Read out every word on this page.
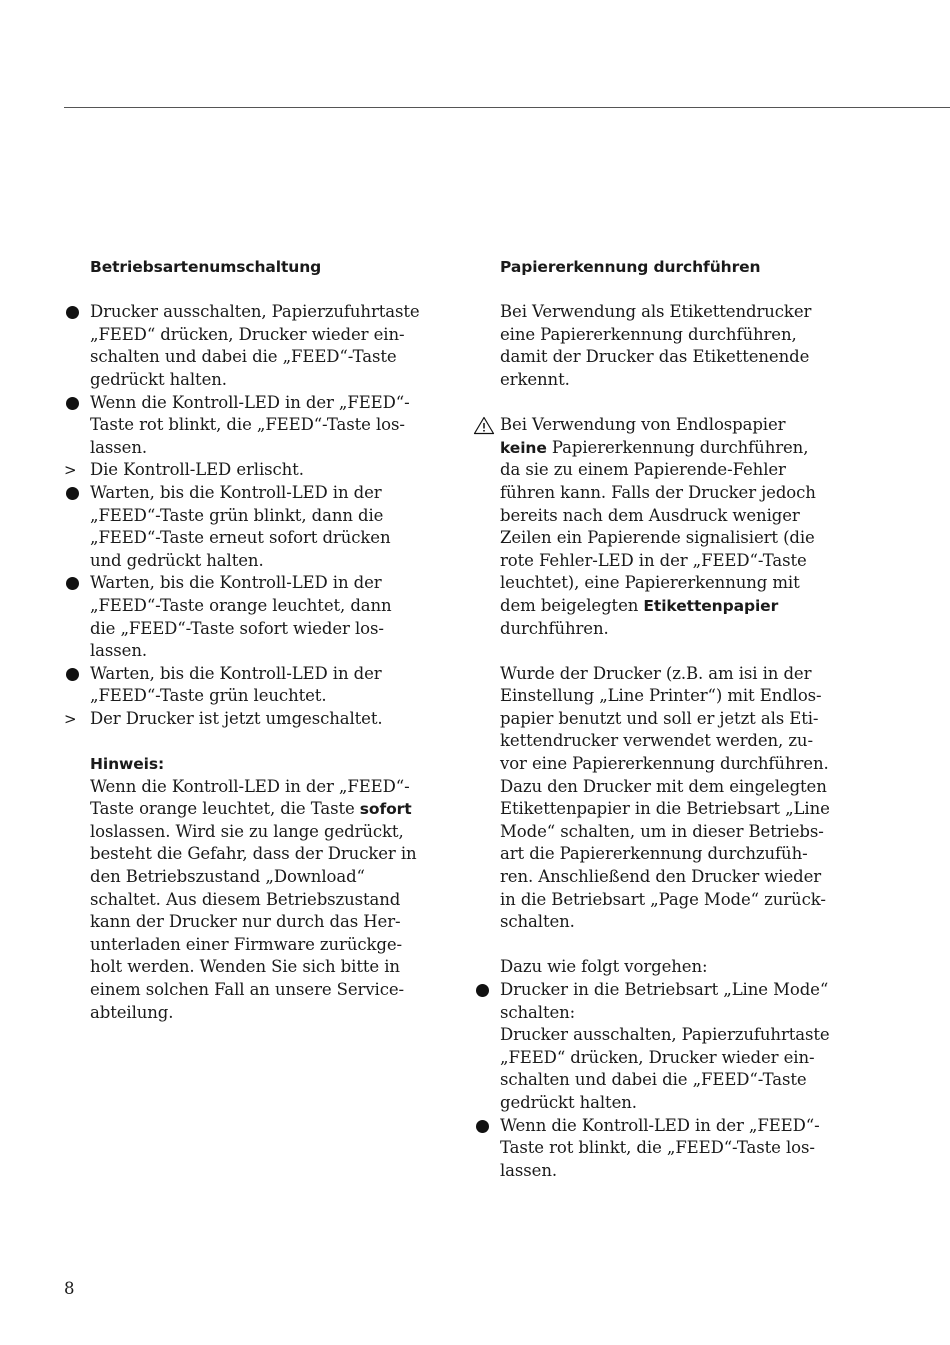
Betriebsartenumschaltung

Drucker ausschalten, Papierzufuhrtaste
„FEED“ drücken, Drucker wieder ein-
schalten und dabei die „FEED“-Taste
gedrückt halten.
Wenn die Kontroll-LED in der „FEED“-
Taste rot blinkt, die „FEED“-Taste los-
lassen.
> Die Kontroll-LED erlischt.
Warten, bis die Kontroll-LED in der
„FEED“-Taste grün blinkt, dann die
„FEED“-Taste erneut sofort drücken
und gedrückt halten.
Warten, bis die Kontroll-LED in der
„FEED“-Taste orange leuchtet, dann
die „FEED“-Taste sofort wieder los-
lassen.
Warten, bis die Kontroll-LED in der
„FEED“-Taste grün leuchtet.
> Der Drucker ist jetzt umgeschaltet.

Hinweis:

Wenn die Kontroll-LED in der „FEED“-
Taste orange leuchtet, die Taste sofort
loslassen. Wird sie zu lange gedrückt,
besteht die Gefahr, dass der Drucker in
den Betriebszustand „Download“
schaltet. Aus diesem Betriebszustand
kann der Drucker nur durch das Her-
unterladen einer Firmware zurückge-
holt werden. Wenden Sie sich bitte in
einem solchen Fall an unsere Service-
abteilung.

Papiererkennung durchführen

Bei Verwendung als Etikettendrucker
eine Papiererkennung durchführen,
damit der Drucker das Etikettenende
erkennt.
Bei Verwendung von Endlospapier
keine Papiererkennung durchführen,
da sie zu einem Papierende-Fehler
führen kann. Falls der Drucker jedoch
bereits nach dem Ausdruck weniger
Zeilen ein Papierende signalisiert (die
rote Fehler-LED in der „FEED“-Taste
leuchtet), eine Papiererkennung mit
dem beigelegten Etikettenpapier
durchführen.
Wurde der Drucker (z.B. am isi in der
Einstellung „Line Printer“) mit Endlos-
papier benutzt und soll er jetzt als Eti-
kettendrucker verwendet werden, zu-
vor eine Papiererkennung durchführen.
Dazu den Drucker mit dem eingelegten
Etikettenpapier in die Betriebsart „Line
Mode“ schalten, um in dieser Betriebs-
art die Papiererkennung durchzufüh-
ren. Anschließend den Drucker wieder
in die Betriebsart „Page Mode“ zurück-
schalten.
Dazu wie folgt vorgehen:
Drucker in die Betriebsart „Line Mode“
schalten:
Drucker ausschalten, Papierzufuhrtaste
„FEED“ drücken, Drucker wieder ein-
schalten und dabei die „FEED“-Taste
gedrückt halten.
Wenn die Kontroll-LED in der „FEED“-
Taste rot blinkt, die „FEED“-Taste los-
lassen.
8
